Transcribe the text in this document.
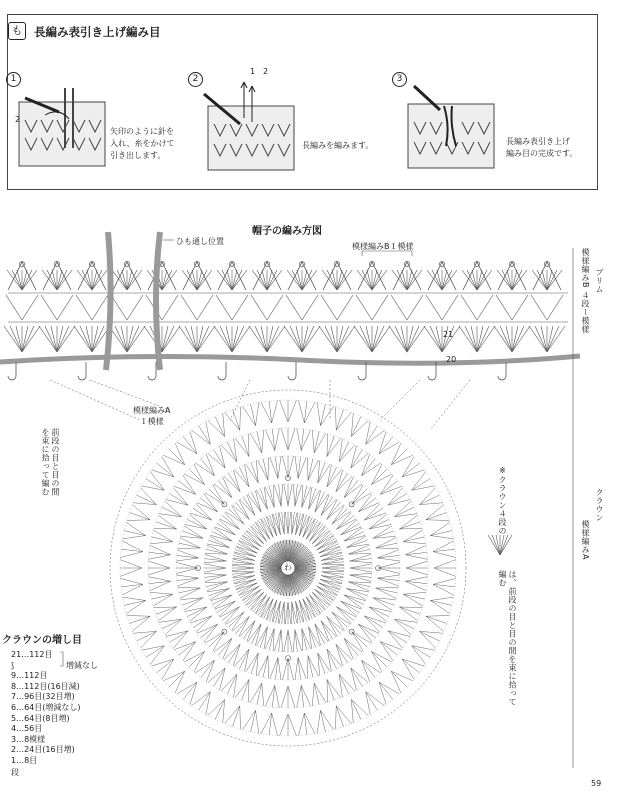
も	長編み表引き上げ編み目
1
2
矢印のように針を
入れ、糸をかけて
引き出します。
2
1 2
長編みを編みます。
3
長編み表引き上げ
編み目の完成です。
帽子の編み方図
ひも通し位置
模様編みB１模様
模様編みA
１模様
わ
21
20
前段の目と目の間を束に拾って編む
※クラウン４段の
は、前段の目と目の間を束に拾って編む
ブリム
模様編みB ４段ー模様
クラウン
模様編みA
クラウンの増し目
21…112目
⟆
9…112目
8…112目(16目減)
7…96目(32目増)
6…64目(増減なし)
5…64目(8目増)
4…56目
3…8模様
2…24目(16目増)
1…8目
増減なし
段
59
